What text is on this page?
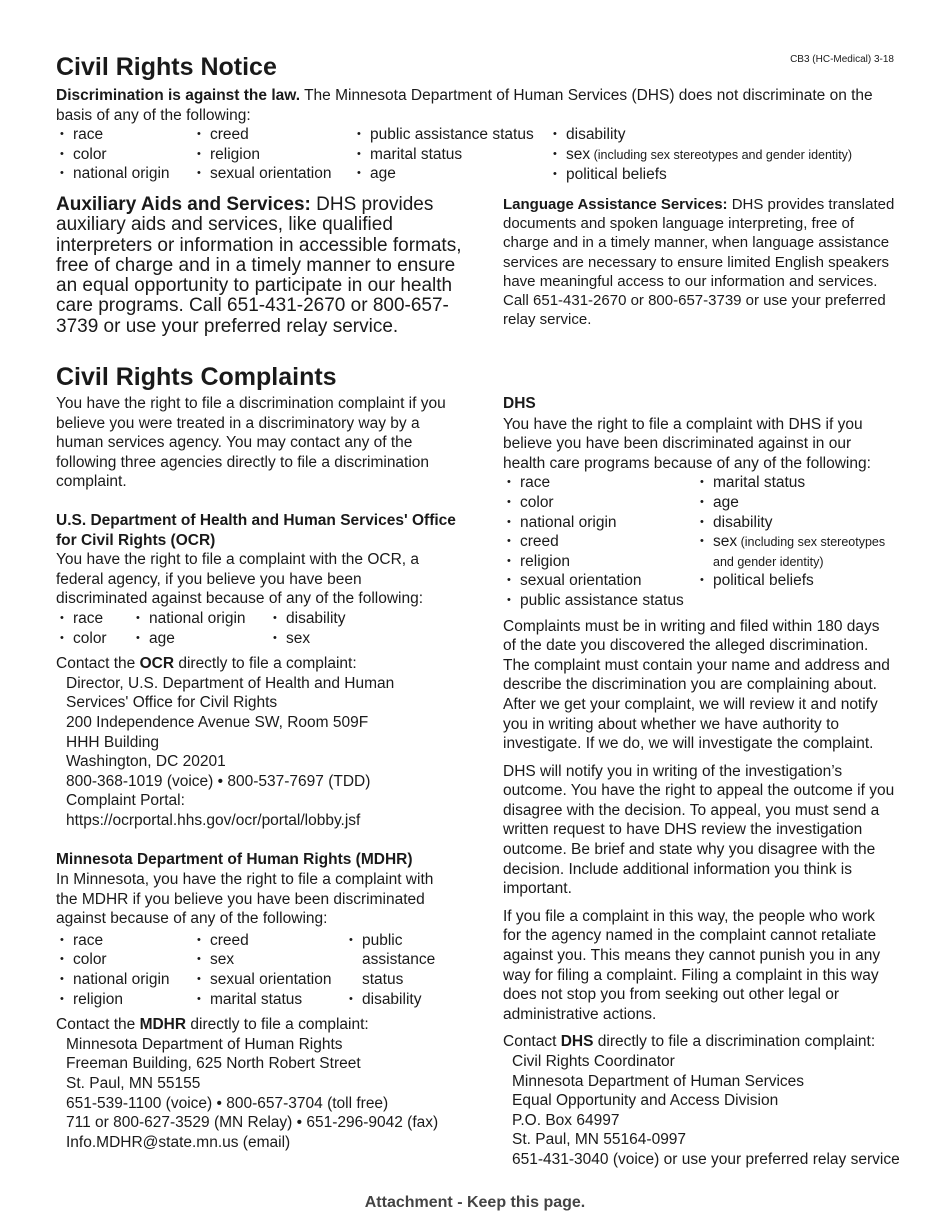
CB3 (HC-Medical) 3-18
Civil Rights Notice

Discrimination is against the law. The Minnesota Department of Human Services (DHS) does not discriminate on the basis of any of the following:

• race
• color
• national origin
• creed
• religion
• sexual orientation
• public assistance status
• marital status
• age
• disability
• sex (including sex stereotypes and gender identity)
• political beliefs

Auxiliary Aids and Services: DHS provides auxiliary aids and services, like qualified interpreters or information in accessible formats, free of charge and in a timely manner to ensure an equal opportunity to participate in our health care programs. Call 651-431-2670 or 800-657-3739 or use your preferred relay service.

Language Assistance Services: DHS provides translated documents and spoken language interpreting, free of charge and in a timely manner, when language assistance services are necessary to ensure limited English speakers have meaningful access to our information and services. Call 651-431-2670 or 800-657-3739 or use your preferred relay service.

Civil Rights Complaints

You have the right to file a discrimination complaint if you believe you were treated in a discriminatory way by a human services agency. You may contact any of the following three agencies directly to file a discrimination complaint.

U.S. Department of Health and Human Services' Office for Civil Rights (OCR)

You have the right to file a complaint with the OCR, a federal agency, if you believe you have been discriminated against because of any of the following:

• race
• color
• national origin
• age
• disability
• sex

Contact the OCR directly to file a complaint:

Director, U.S. Department of Health and Human
Services' Office for Civil Rights
200 Independence Avenue SW, Room 509F
HHH Building
Washington, DC 20201
800-368-1019 (voice) • 800-537-7697 (TDD)
Complaint Portal:
https://ocrportal.hhs.gov/ocr/portal/lobby.jsf
Minnesota Department of Human Rights (MDHR)

In Minnesota, you have the right to file a complaint with the MDHR if you believe you have been discriminated against because of any of the following:

• race
• color
• national origin
• religion
• creed
• sex
• sexual orientation
• marital status
• public assistance status
• disability

Contact the MDHR directly to file a complaint:

Minnesota Department of Human Rights
Freeman Building, 625 North Robert Street
St. Paul, MN 55155
651-539-1100 (voice) • 800-657-3704 (toll free)
711 or 800-627-3529 (MN Relay) • 651-296-9042 (fax)
Info.MDHR@state.mn.us (email)
DHS

You have the right to file a complaint with DHS if you believe you have been discriminated against in our health care programs because of any of the following:

• race
• color
• national origin
• creed
• religion
• sexual orientation
• public assistance status
• marital status
• age
• disability
• sex (including sex stereotypes and gender identity)
• political beliefs

Complaints must be in writing and filed within 180 days of the date you discovered the alleged discrimination. The complaint must contain your name and address and describe the discrimination you are complaining about. After we get your complaint, we will review it and notify you in writing about whether we have authority to investigate. If we do, we will investigate the complaint.

DHS will notify you in writing of the investigation’s outcome. You have the right to appeal the outcome if you disagree with the decision. To appeal, you must send a written request to have DHS review the investigation outcome. Be brief and state why you disagree with the decision. Include additional information you think is important.

If you file a complaint in this way, the people who work for the agency named in the complaint cannot retaliate against you. This means they cannot punish you in any way for filing a complaint. Filing a complaint in this way does not stop you from seeking out other legal or administrative actions.

Contact DHS directly to file a discrimination complaint:

Civil Rights Coordinator
Minnesota Department of Human Services
Equal Opportunity and Access Division
P.O. Box 64997
St. Paul, MN 55164-0997
651-431-3040 (voice) or use your preferred relay service
Attachment - Keep this page.
